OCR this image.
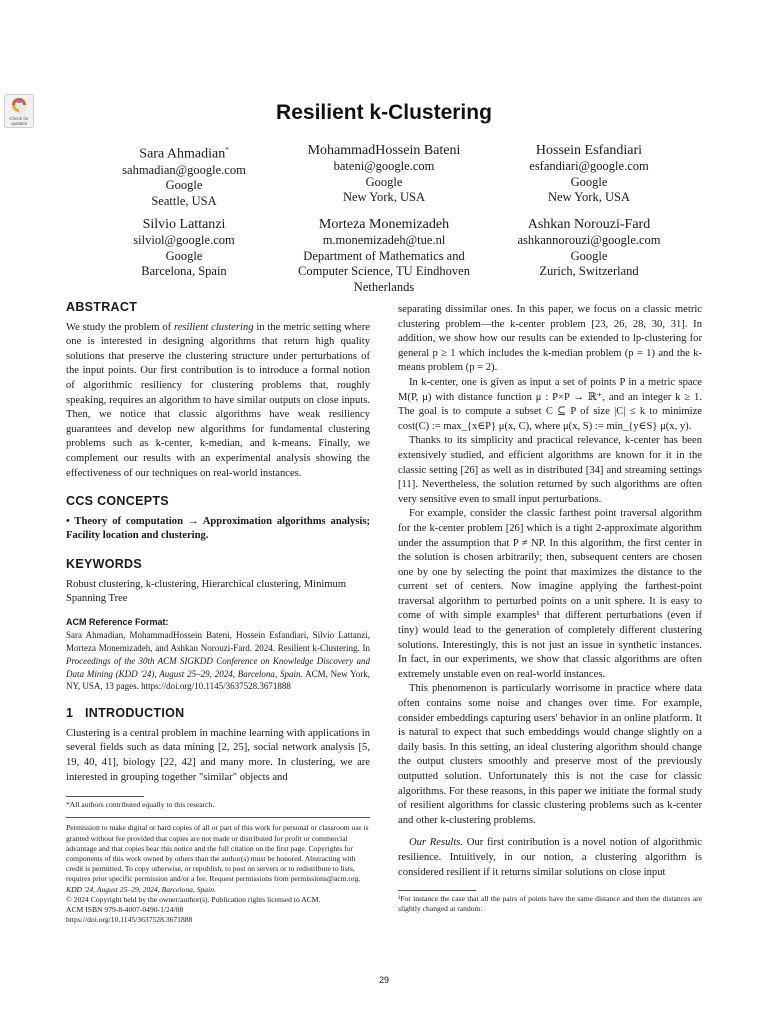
Check for
updates	Resilient k-Clustering
Sara Ahmadian*
sahmadian@google.com
Google
Seattle, USA
MohammadHossein Bateni
bateni@google.com
Google
New York, USA
Hossein Esfandiari
esfandiari@google.com
Google
New York, USA
Silvio Lattanzi
silviol@google.com
Google
Barcelona, Spain
Morteza Monemizadeh
m.monemizadeh@tue.nl
Department of Mathematics and
Computer Science, TU Eindhoven
Netherlands
Ashkan Norouzi-Fard
ashkannorouzi@google.com
Google
Zurich, Switzerland
ABSTRACT

We study the problem of resilient clustering in the metric setting where one is interested in designing algorithms that return high quality solutions that preserve the clustering structure under perturbations of the input points. Our first contribution is to introduce a formal notion of algorithmic resiliency for clustering problems that, roughly speaking, requires an algorithm to have similar outputs on close inputs. Then, we notice that classic algorithms have weak resiliency guarantees and develop new algorithms for fundamental clustering problems such as k-center, k-median, and k-means. Finally, we complement our results with an experimental analysis showing the effectiveness of our techniques on real-world instances.

CCS CONCEPTS

• Theory of computation → Approximation algorithms analysis; Facility location and clustering.

KEYWORDS

Robust clustering, k-clustering, Hierarchical clustering, Minimum Spanning Tree

ACM Reference Format:

Sara Ahmadian, MohammadHossein Bateni, Hossein Esfandiari, Silvio Lattanzi, Morteza Monemizadeh, and Ashkan Norouzi-Fard. 2024. Resilient k-Clustering. In Proceedings of the 30th ACM SIGKDD Conference on Knowledge Discovery and Data Mining (KDD '24), August 25–29, 2024, Barcelona, Spain. ACM, New York, NY, USA, 13 pages. https://doi.org/10.1145/3637528.3671888

1 INTRODUCTION

Clustering is a central problem in machine learning with applications in several fields such as data mining [2, 25], social network analysis [5, 19, 40, 41], biology [22, 42] and many more. In clustering, we are interested in grouping together "similar" objects and

*All authors contributed equally to this research.

Permission to make digital or hard copies of all or part of this work for personal or classroom use is granted without fee provided that copies are not made or distributed for profit or commercial advantage and that copies bear this notice and the full citation on the first page. Copyrights for components of this work owned by others than the author(s) must be honored. Abstracting with credit is permitted. To copy otherwise, or republish, to post on servers or to redistribute to lists, requires prior specific permission and/or a fee. Request permissions from permissions@acm.org.

KDD '24, August 25–29, 2024, Barcelona, Spain.

© 2024 Copyright held by the owner/author(s). Publication rights licensed to ACM.

ACM ISBN 979-8-4007-0490-1/24/08

https://doi.org/10.1145/3637528.3671888

separating dissimilar ones. In this paper, we focus on a classic metric clustering problem—the k-center problem [23, 26, 28, 30, 31]. In addition, we show how our results can be extended to lp-clustering for general p ≥ 1 which includes the k-median problem (p = 1) and the k-means problem (p = 2).

In k-center, one is given as input a set of points P in a metric space M(P, μ) with distance function μ : P×P → ℝ⁺, and an integer k ≥ 1. The goal is to compute a subset C ⊆ P of size |C| ≤ k to minimize cost(C) := max_{x∈P} μ(x, C), where μ(x, S) := min_{y∈S} μ(x, y).

Thanks to its simplicity and practical relevance, k-center has been extensively studied, and efficient algorithms are known for it in the classic setting [26] as well as in distributed [34] and streaming settings [11]. Nevertheless, the solution returned by such algorithms are often very sensitive even to small input perturbations.

For example, consider the classic farthest point traversal algorithm for the k-center problem [26] which is a tight 2-approximate algorithm under the assumption that P ≠ NP. In this algorithm, the first center in the solution is chosen arbitrarily; then, subsequent centers are chosen one by one by selecting the point that maximizes the distance to the current set of centers. Now imagine applying the farthest-point traversal algorithm to perturbed points on a unit sphere. It is easy to come of with simple examples¹ that different perturbations (even if tiny) would lead to the generation of completely different clustering solutions. Interestingly, this is not just an issue in synthetic instances. In fact, in our experiments, we show that classic algorithms are often extremely unstable even on real-world instances.

This phenomenon is particularly worrisome in practice where data often contains some noise and changes over time. For example, consider embeddings capturing users' behavior in an online platform. It is natural to expect that such embeddings would change slightly on a daily basis. In this setting, an ideal clustering algorithm should change the output clusters smoothly and preserve most of the previously outputted solution. Unfortunately this is not the case for classic algorithms. For these reasons, in this paper we initiate the formal study of resilient algorithms for classic clustering problems such as k-center and other k-clustering problems.

Our Results. Our first contribution is a novel notion of algorithmic resilience. Intuitively, in our notion, a clustering algorithm is considered resilient if it returns similar solutions on close input

¹For instance the case that all the pairs of points have the same distance and then the distances are slightly changed at random.

29
